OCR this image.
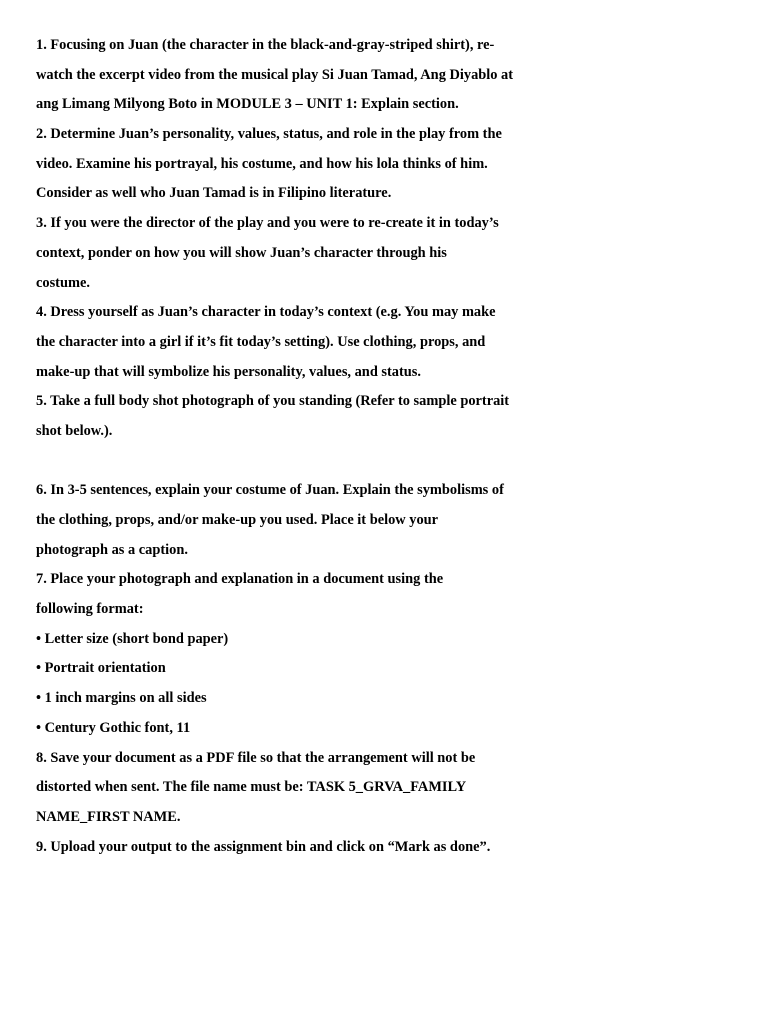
1. Focusing on Juan (the character in the black-and-gray-striped shirt), re-
watch the excerpt video from the musical play Si Juan Tamad, Ang Diyablo at
ang Limang Milyong Boto in MODULE 3 – UNIT 1: Explain section.
2. Determine Juan’s personality, values, status, and role in the play from the
video. Examine his portrayal, his costume, and how his lola thinks of him.
Consider as well who Juan Tamad is in Filipino literature.
3. If you were the director of the play and you were to re-create it in today’s
context, ponder on how you will show Juan’s character through his
costume.
4. Dress yourself as Juan’s character in today’s context (e.g. You may make
the character into a girl if it’s fit today’s setting). Use clothing, props, and
make-up that will symbolize his personality, values, and status.
5. Take a full body shot photograph of you standing (Refer to sample portrait
shot below.).
6. In 3-5 sentences, explain your costume of Juan. Explain the symbolisms of
the clothing, props, and/or make-up you used. Place it below your
photograph as a caption.
7. Place your photograph and explanation in a document using the
following format:
• Letter size (short bond paper)
• Portrait orientation
• 1 inch margins on all sides
• Century Gothic font, 11
8. Save your document as a PDF file so that the arrangement will not be
distorted when sent. The file name must be: TASK 5_GRVA_FAMILY
NAME_FIRST NAME.
9. Upload your output to the assignment bin and click on “Mark as done”.
